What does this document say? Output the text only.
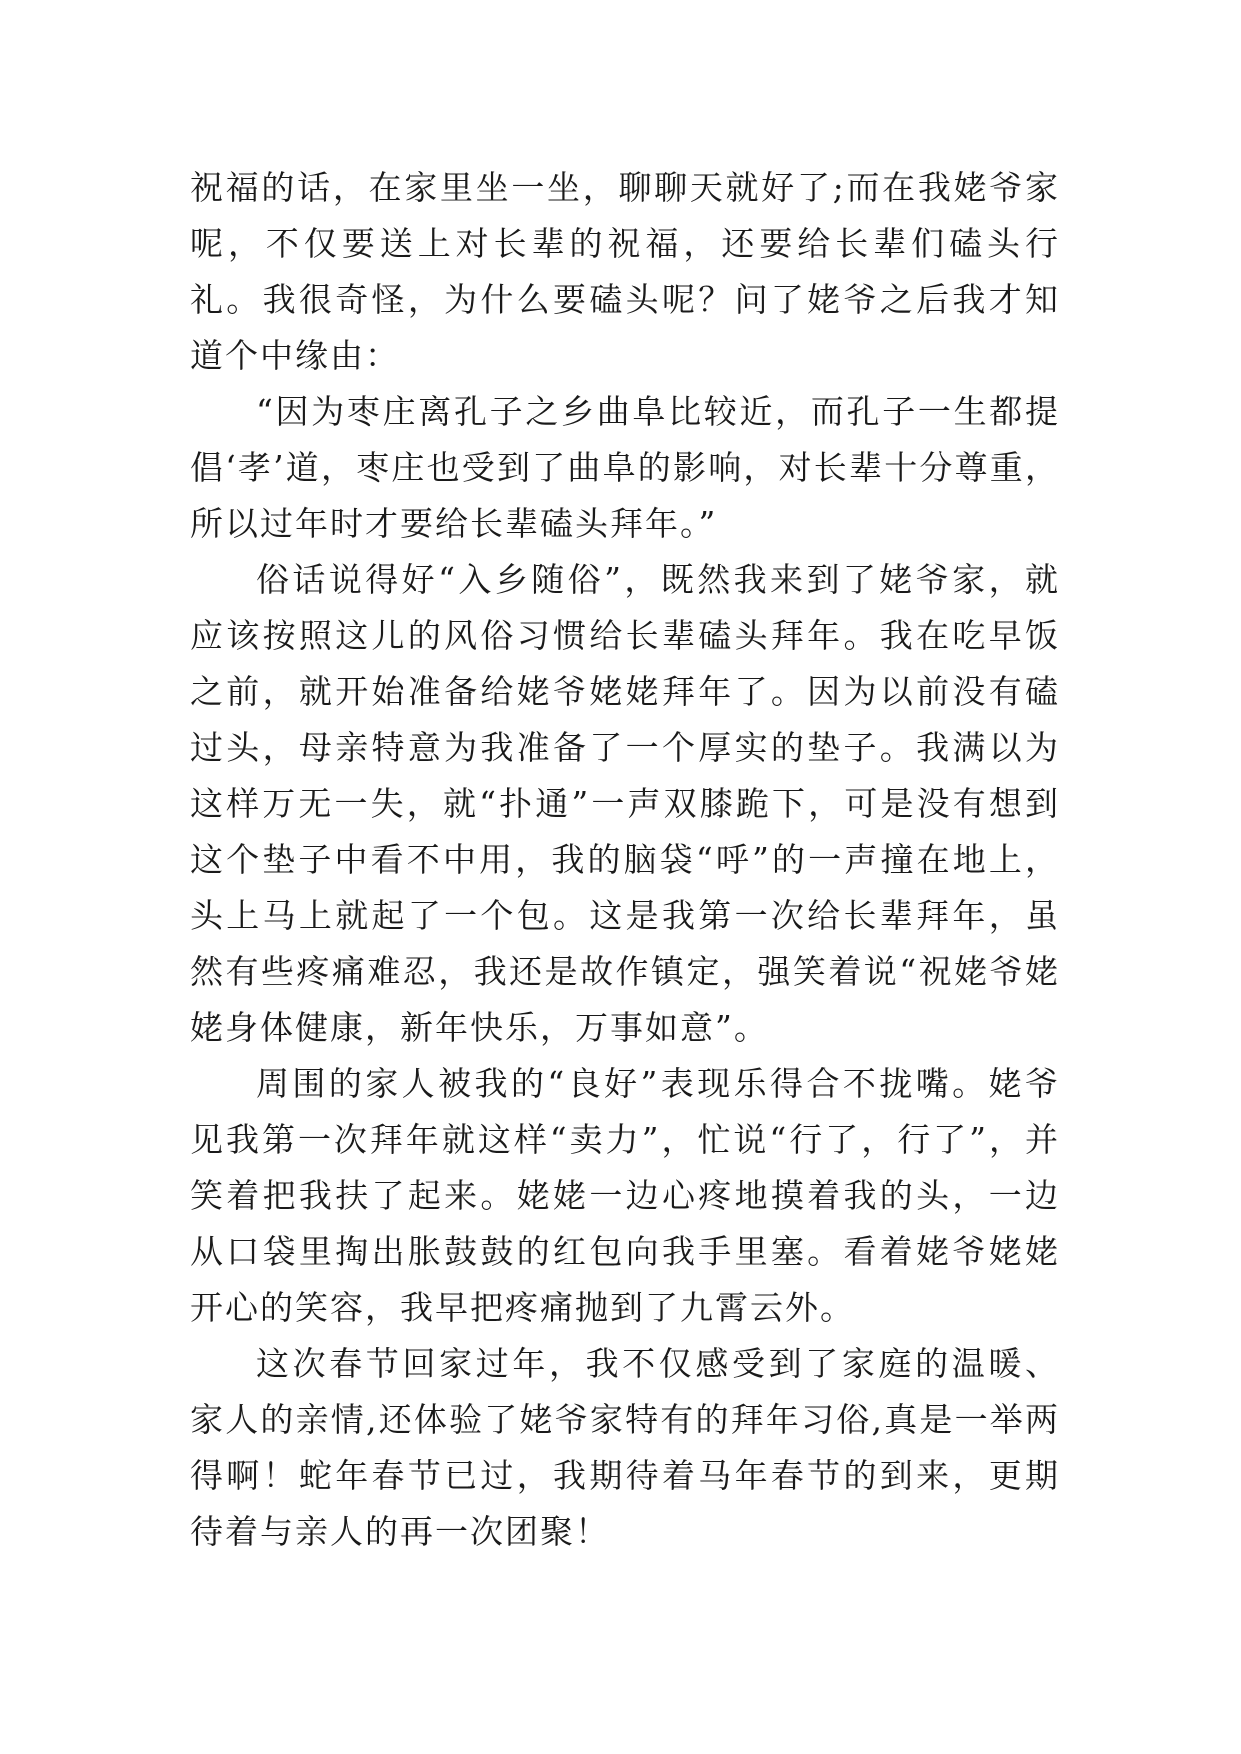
祝福的话，在家里坐一坐，聊聊天就好了;而在我姥爷家呢，不仅要送上对长辈的祝福，还要给长辈们磕头行礼。我很奇怪，为什么要磕头呢？问了姥爷之后我才知道个中缘由：

“因为枣庄离孔子之乡曲阜比较近，而孔子一生都提倡‘孝’道，枣庄也受到了曲阜的影响，对长辈十分尊重，所以过年时才要给长辈磕头拜年。”

俗话说得好“入乡随俗”，既然我来到了姥爷家，就应该按照这儿的风俗习惯给长辈磕头拜年。我在吃早饭之前，就开始准备给姥爷姥姥拜年了。因为以前没有磕过头，母亲特意为我准备了一个厚实的垫子。我满以为这样万无一失，就“扑通”一声双膝跪下，可是没有想到这个垫子中看不中用，我的脑袋“呼”的一声撞在地上，头上马上就起了一个包。这是我第一次给长辈拜年，虽然有些疼痛难忍，我还是故作镇定，强笑着说“祝姥爷姥姥身体健康，新年快乐，万事如意”。

周围的家人被我的“良好”表现乐得合不拢嘴。姥爷见我第一次拜年就这样“卖力”，忙说“行了，行了”，并笑着把我扶了起来。姥姥一边心疼地摸着我的头，一边从口袋里掏出胀鼓鼓的红包向我手里塞。看着姥爷姥姥开心的笑容，我早把疼痛抛到了九霄云外。

这次春节回家过年，我不仅感受到了家庭的温暖、家人的亲情,还体验了姥爷家特有的拜年习俗,真是一举两得啊！蛇年春节已过，我期待着马年春节的到来，更期待着与亲人的再一次团聚！
